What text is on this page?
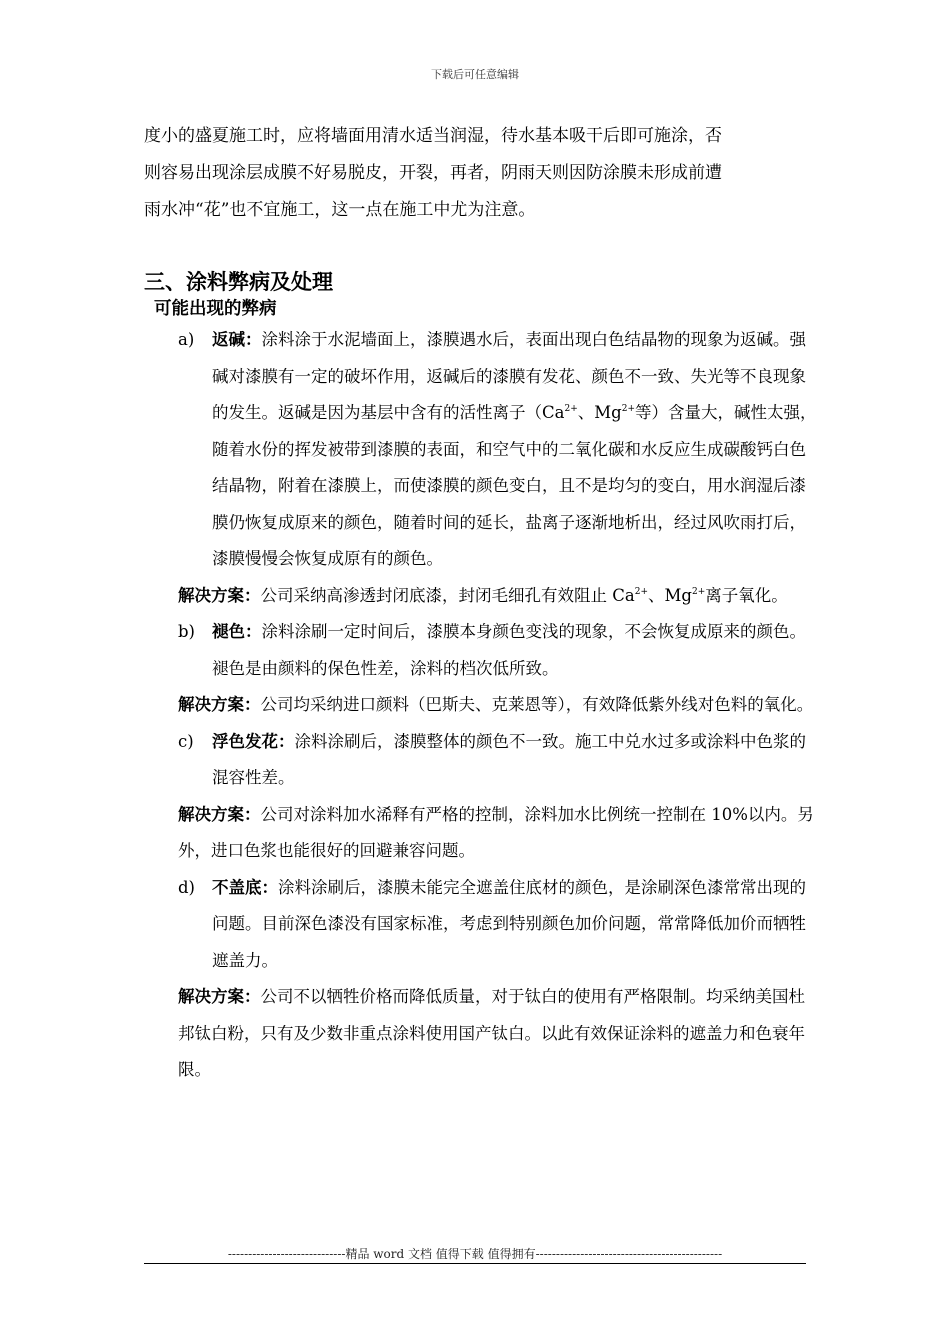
下载后可任意编辑

度小的盛夏施工时，应将墙面用清水适当润湿，待水基本吸干后即可施涂，否

则容易出现涂层成膜不好易脱皮，开裂，再者，阴雨天则因防涂膜未形成前遭

雨水冲“花”也不宜施工，这一点在施工中尤为注意。

三、涂料弊病及处理
可能出现的弊病
a)	返碱：涂料涂于水泥墙面上，漆膜遇水后，表面出现白色结晶物的现象为返碱。强碱对漆膜有一定的破坏作用，返碱后的漆膜有发花、颜色不一致、失光等不良现象的发生。返碱是因为基层中含有的活性离子（$Ca^{2+}$、$Mg^{2+}$等）含量大，碱性太强，随着水份的挥发被带到漆膜的表面，和空气中的二氧化碳和水反应生成碳酸钙白色结晶物，附着在漆膜上，而使漆膜的颜色变白，且不是均匀的变白，用水润湿后漆膜仍恢复成原来的颜色，随着时间的延长，盐离子逐渐地析出，经过风吹雨打后，漆膜慢慢会恢复成原有的颜色。

解决方案：公司采纳高渗透封闭底漆，封闭毛细孔有效阻止 $Ca^{2+}$、$Mg^{2+}$离子氧化。

b)	褪色：涂料涂刷一定时间后，漆膜本身颜色变浅的现象，不会恢复成原来的颜色。褪色是由颜料的保色性差，涂料的档次低所致。

解决方案：公司均采纳进口颜料（巴斯夫、克莱恩等），有效降低紫外线对色料的氧化。

c)	浮色发花：涂料涂刷后，漆膜整体的颜色不一致。施工中兑水过多或涂料中色浆的混容性差。

解决方案：公司对涂料加水浠释有严格的控制，涂料加水比例统一控制在 10%以内。另外，进口色浆也能很好的回避兼容问题。

d)	不盖底：涂料涂刷后，漆膜未能完全遮盖住底材的颜色，是涂刷深色漆常常出现的问题。目前深色漆没有国家标准，考虑到特别颜色加价问题，常常降低加价而牺牲遮盖力。

解决方案：公司不以牺牲价格而降低质量，对于钛白的使用有严格限制。均采纳美国杜邦钛白粉，只有及少数非重点涂料使用国产钛白。以此有效保证涂料的遮盖力和色衰年限。

-----------------------------精品 word 文档 值得下载 值得拥有----------------------------------------------
